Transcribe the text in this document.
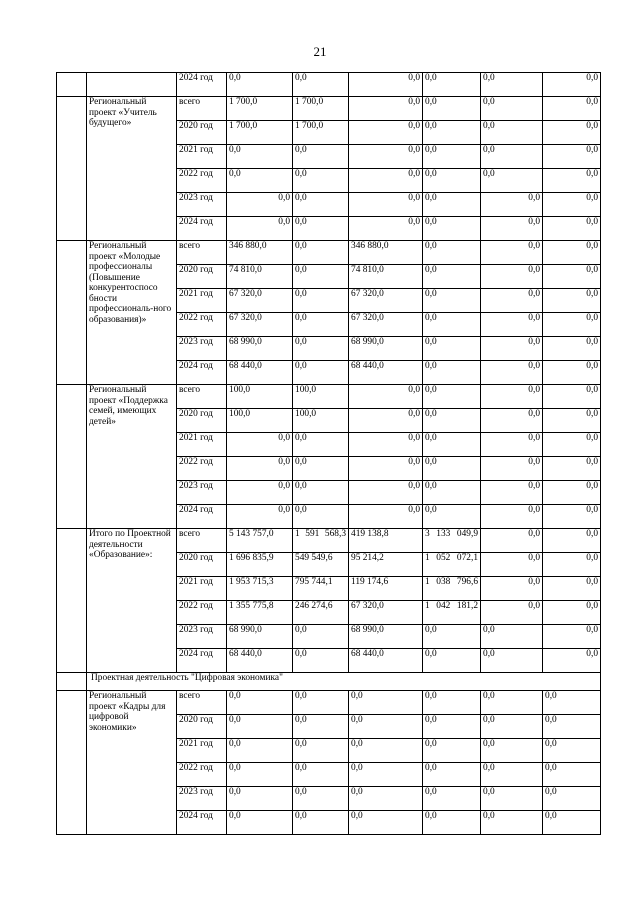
21
		2024 год	0,0	0,0	0,0	0,0	0,0	0,0
	Региональный проект «Учитель будущего»	всего	1 700,0	1 700,0	0,0	0,0	0,0	0,0
		2020 год	1 700,0	1 700,0	0,0	0,0	0,0	0,0
		2021 год	0,0	0,0	0,0	0,0	0,0	0,0
		2022 год	0,0	0,0	0,0	0,0	0,0	0,0
		2023 год	0,0	0,0	0,0	0,0	0,0	0,0
		2024 год	0,0	0,0	0,0	0,0	0,0	0,0
	Региональный проект «Молодые профессионалы (Повышение конкурентоспосо бности профессиональ-ного образования)»	всего	346 880,0	0,0	346 880,0	0,0	0,0	0,0
		2020 год	74 810,0	0,0	74 810,0	0,0	0,0	0,0
		2021 год	67 320,0	0,0	67 320,0	0,0	0,0	0,0
		2022 год	67 320,0	0,0	67 320,0	0,0	0,0	0,0
		2023 год	68 990,0	0,0	68 990,0	0,0	0,0	0,0
		2024 год	68 440,0	0,0	68 440,0	0,0	0,0	0,0
	Региональный проект «Поддержка семей, имеющих детей»	всего	100,0	100,0	0,0	0,0	0,0	0,0
		2020 год	100,0	100,0	0,0	0,0	0,0	0,0
		2021 год	0,0	0,0	0,0	0,0	0,0	0,0
		2022 год	0,0	0,0	0,0	0,0	0,0	0,0
		2023 год	0,0	0,0	0,0	0,0	0,0	0,0
		2024 год	0,0	0,0	0,0	0,0	0,0	0,0
	Итого по Проектной деятельности «Образование»:	всего	5 143 757,0	1 591 568,3	419 138,8	3 133 049,9	0,0	0,0
		2020 год	1 696 835,9	549 549,6	95 214,2	1 052 072,1	0,0	0,0
		2021 год	1 953 715,3	795 744,1	119 174,6	1 038 796,6	0,0	0,0
		2022 год	1 355 775,8	246 274,6	67 320,0	1 042 181,2	0,0	0,0
		2023 год	68 990,0	0,0	68 990,0	0,0	0,0	0,0
		2024 год	68 440,0	0,0	68 440,0	0,0	0,0	0,0
	Проектная деятельность "Цифровая экономика"							
	Региональный проект «Кадры для цифровой экономики»	всего	0,0	0,0	0,0	0,0	0,0	0,0
		2020 год	0,0	0,0	0,0	0,0	0,0	0,0
		2021 год	0,0	0,0	0,0	0,0	0,0	0,0
		2022 год	0,0	0,0	0,0	0,0	0,0	0,0
		2023 год	0,0	0,0	0,0	0,0	0,0	0,0
		2024 год	0,0	0,0	0,0	0,0	0,0	0,0
